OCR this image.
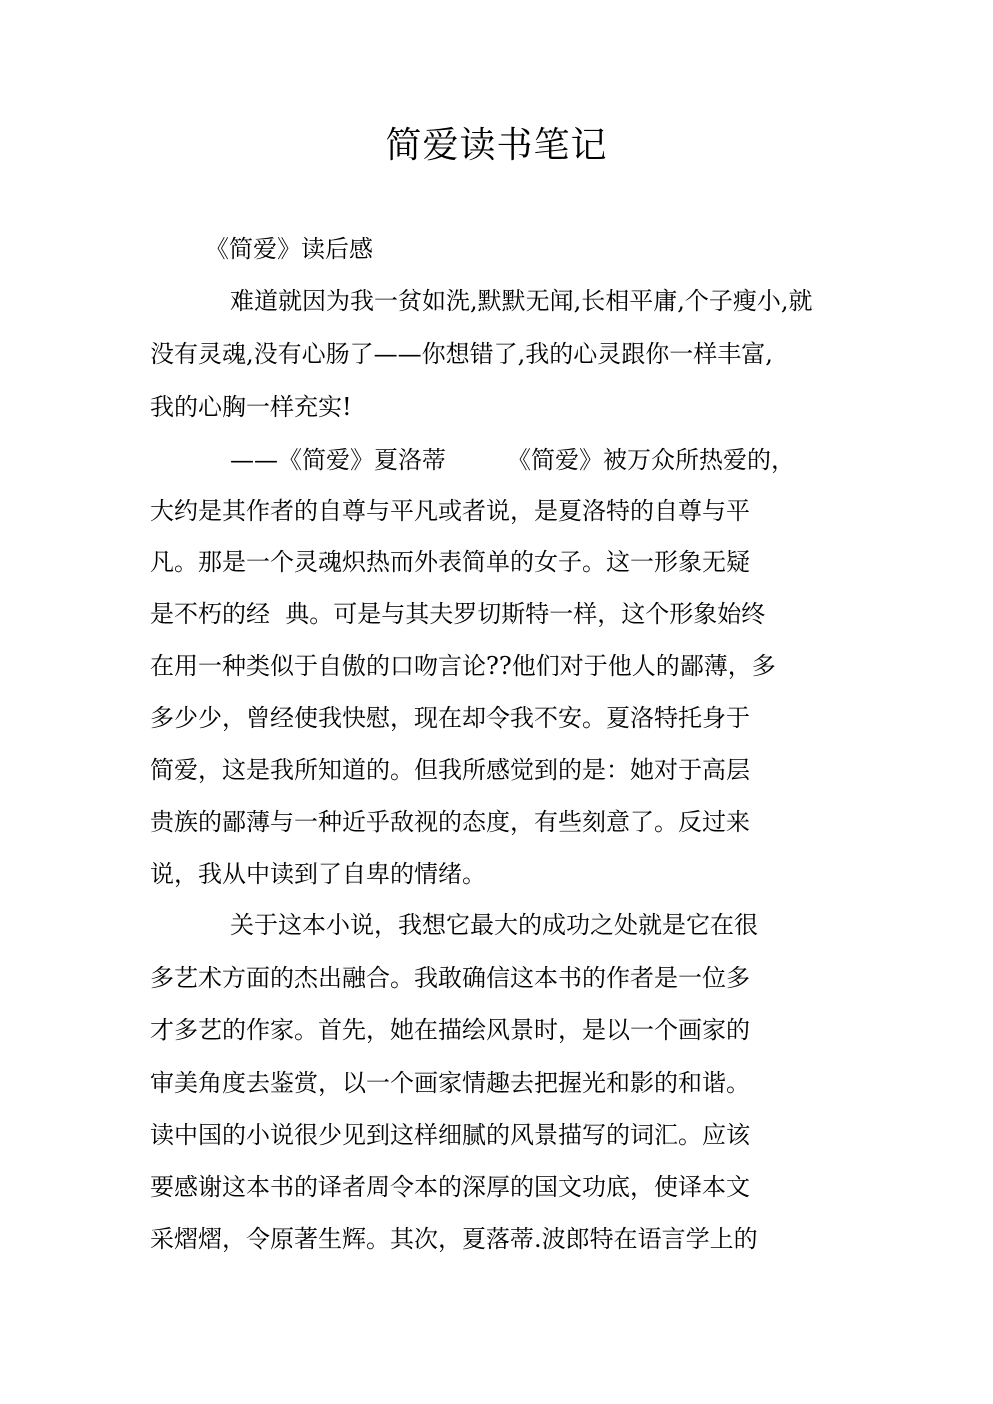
简爱读书笔记

《简爱》读后感

难道就因为我一贫如洗,默默无闻,长相平庸,个子瘦小,就

没有灵魂,没有心肠了——你想错了,我的心灵跟你一样丰富,

我的心胸一样充实!

——《简爱》夏洛蒂        《简爱》被万众所热爱的，

大约是其作者的自尊与平凡或者说，是夏洛特的自尊与平

凡。那是一个灵魂炽热而外表简单的女子。这一形象无疑

是不朽的经  典。可是与其夫罗切斯特一样，这个形象始终

在用一种类似于自傲的口吻言论??他们对于他人的鄙薄，多

多少少，曾经使我快慰，现在却令我不安。夏洛特托身于

简爱，这是我所知道的。但我所感觉到的是：她对于高层

贵族的鄙薄与一种近乎敌视的态度，有些刻意了。反过来

说，我从中读到了自卑的情绪。

关于这本小说，我想它最大的成功之处就是它在很

多艺术方面的杰出融合。我敢确信这本书的作者是一位多

才多艺的作家。首先，她在描绘风景时，是以一个画家的

审美角度去鉴赏，以一个画家情趣去把握光和影的和谐。

读中国的小说很少见到这样细腻的风景描写的词汇。应该

要感谢这本书的译者周令本的深厚的国文功底，使译本文

采熠熠，令原著生辉。其次，夏落蒂.波郎特在语言学上的
